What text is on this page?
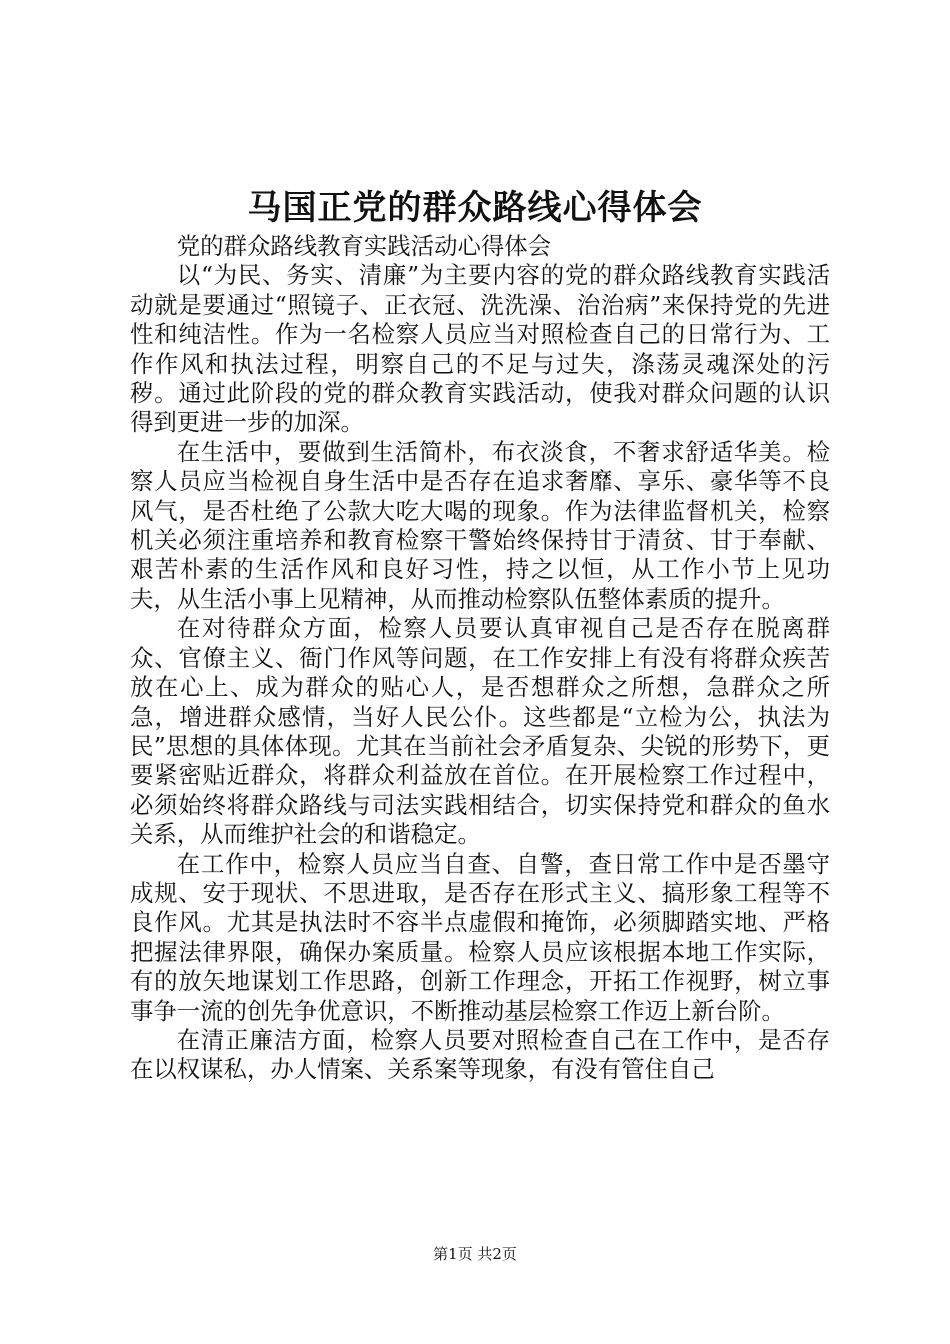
马国正党的群众路线心得体会

党的群众路线教育实践活动心得体会

以“为民、务实、清廉”为主要内容的党的群众路线教育实践活动就是要通过“照镜子、正衣冠、洗洗澡、治治病”来保持党的先进性和纯洁性。作为一名检察人员应当对照检查自己的日常行为、工作作风和执法过程，明察自己的不足与过失，涤荡灵魂深处的污秽。通过此阶段的党的群众教育实践活动，使我对群众问题的认识得到更进一步的加深。

在生活中，要做到生活简朴，布衣淡食，不奢求舒适华美。检察人员应当检视自身生活中是否存在追求奢靡、享乐、豪华等不良风气，是否杜绝了公款大吃大喝的现象。作为法律监督机关，检察机关必须注重培养和教育检察干警始终保持甘于清贫、甘于奉献、艰苦朴素的生活作风和良好习性，持之以恒，从工作小节上见功夫，从生活小事上见精神，从而推动检察队伍整体素质的提升。

在对待群众方面，检察人员要认真审视自己是否存在脱离群众、官僚主义、衙门作风等问题，在工作安排上有没有将群众疾苦放在心上、成为群众的贴心人，是否想群众之所想，急群众之所急，增进群众感情，当好人民公仆。这些都是“立检为公，执法为民”思想的具体体现。尤其在当前社会矛盾复杂、尖锐的形势下，更要紧密贴近群众，将群众利益放在首位。在开展检察工作过程中，必须始终将群众路线与司法实践相结合，切实保持党和群众的鱼水关系，从而维护社会的和谐稳定。

在工作中，检察人员应当自查、自警，查日常工作中是否墨守成规、安于现状、不思进取，是否存在形式主义、搞形象工程等不良作风。尤其是执法时不容半点虚假和掩饰，必须脚踏实地、严格把握法律界限，确保办案质量。检察人员应该根据本地工作实际，有的放矢地谋划工作思路，创新工作理念，开拓工作视野，树立事事争一流的创先争优意识，不断推动基层检察工作迈上新台阶。

在清正廉洁方面，检察人员要对照检查自己在工作中，是否存在以权谋私，办人情案、关系案等现象，有没有管住自己

第1页 共2页
